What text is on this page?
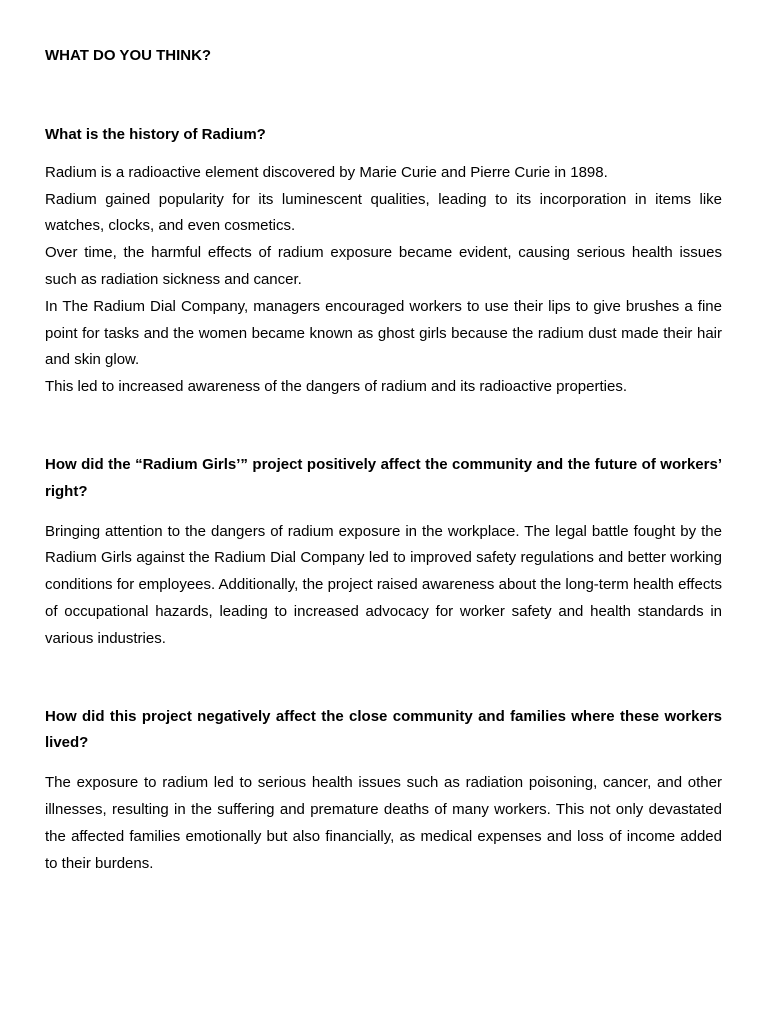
WHAT DO YOU THINK?
What is the history of Radium?

Radium is a radioactive element discovered by Marie Curie and Pierre Curie in 1898.

Radium gained popularity for its luminescent qualities, leading to its incorporation in items like watches, clocks, and even cosmetics.

Over time, the harmful effects of radium exposure became evident, causing serious health issues such as radiation sickness and cancer.

In The Radium Dial Company, managers encouraged workers to use their lips to give brushes a fine point for tasks and the women became known as ghost girls because the radium dust made their hair and skin glow.

This led to increased awareness of the dangers of radium and its radioactive properties.

How did the “Radium Girls’” project positively affect the community and the future of workers’ right?

Bringing attention to the dangers of radium exposure in the workplace. The legal battle fought by the Radium Girls against the Radium Dial Company led to improved safety regulations and better working conditions for employees. Additionally, the project raised awareness about the long-term health effects of occupational hazards, leading to increased advocacy for worker safety and health standards in various industries.

How did this project negatively affect the close community and families where these workers lived?

The exposure to radium led to serious health issues such as radiation poisoning, cancer, and other illnesses, resulting in the suffering and premature deaths of many workers. This not only devastated the affected families emotionally but also financially, as medical expenses and loss of income added to their burdens.
